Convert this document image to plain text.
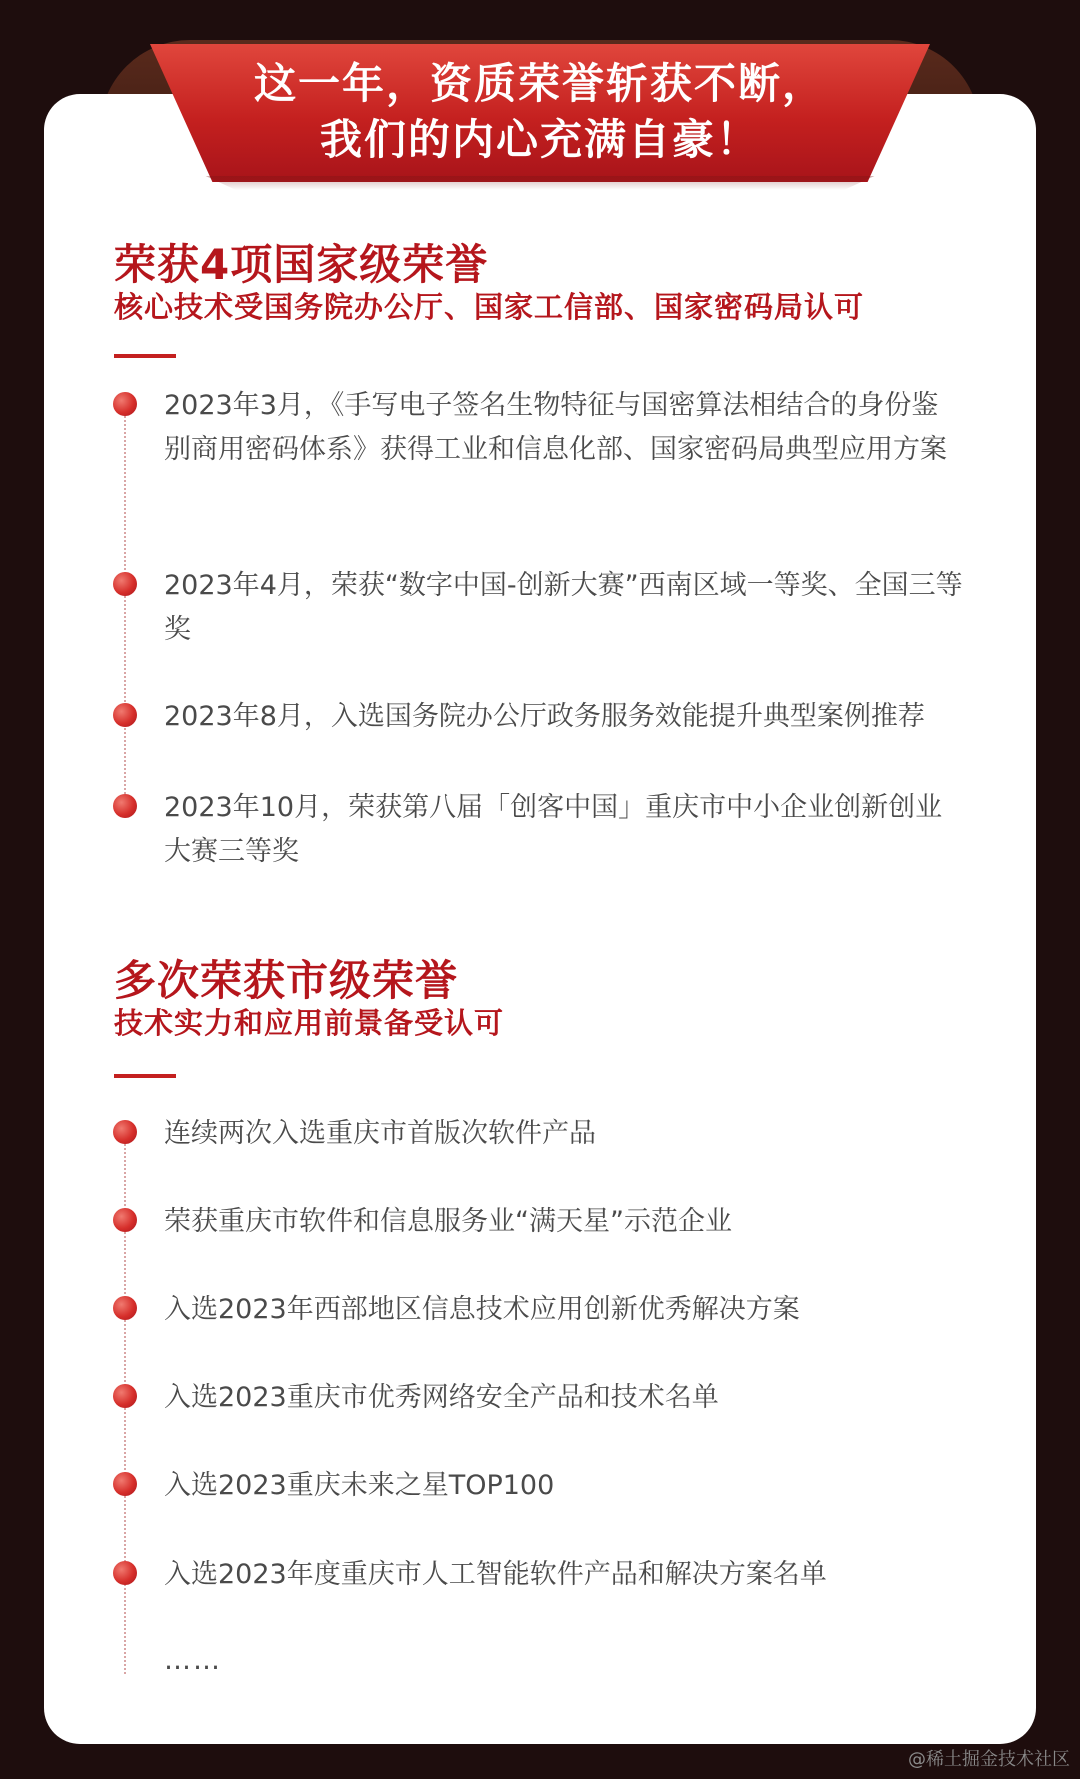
这一年，资质荣誉斩获不断，
我们的内心充满自豪！
荣获4项国家级荣誉
核心技术受国务院办公厅、国家工信部、国家密码局认可
2023年3月，《手写电子签名生物特征与国密算法相结合的身份鉴别商用密码体系》获得工业和信息化部、国家密码局典型应用方案
2023年4月，荣获“数字中国-创新大赛”西南区域一等奖、全国三等奖
2023年8月，入选国务院办公厅政务服务效能提升典型案例推荐
2023年10月，荣获第八届「创客中国」重庆市中小企业创新创业大赛三等奖
多次荣获市级荣誉
技术实力和应用前景备受认可
连续两次入选重庆市首版次软件产品
荣获重庆市软件和信息服务业“满天星”示范企业
入选2023年西部地区信息技术应用创新优秀解决方案
入选2023重庆市优秀网络安全产品和技术名单
入选2023重庆未来之星TOP100
入选2023年度重庆市人工智能软件产品和解决方案名单
……
@稀土掘金技术社区
